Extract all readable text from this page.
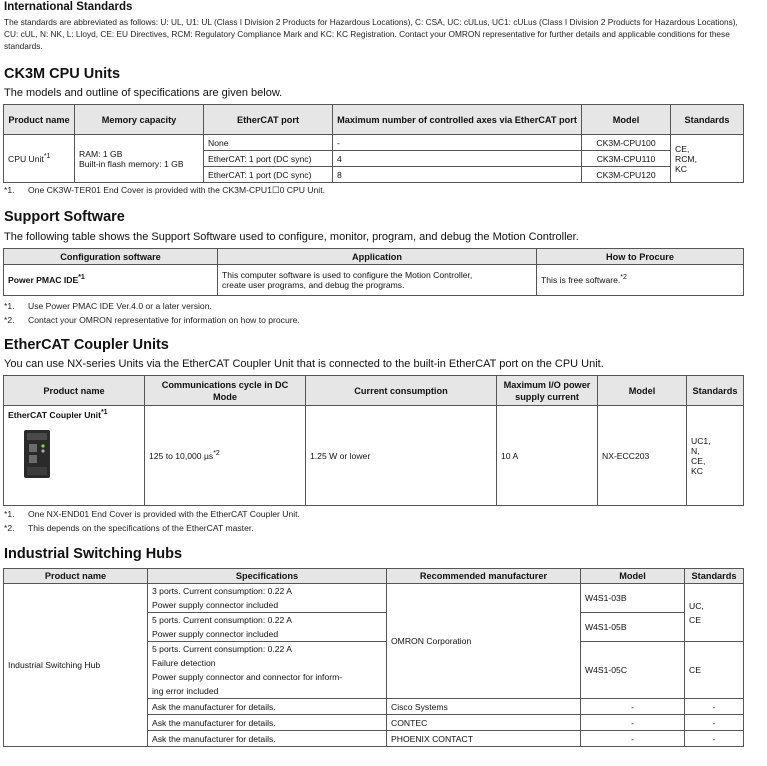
International Standards
The standards are abbreviated as follows: U: UL, U1: UL (Class I Division 2 Products for Hazardous Locations), C: CSA, UC: cULus, UC1: cULus (Class I Division 2 Products for Hazardous Locations), CU: cUL, N: NK, L: Lloyd, CE: EU Directives, RCM: Regulatory Compliance Mark and KC: KC Registration. Contact your OMRON representative for further details and applicable conditions for these standards.
CK3M CPU Units
The models and outline of specifications are given below.
Product name	Memory capacity	EtherCAT port	Maximum number of controlled axes via EtherCAT port	Model	Standards
CPU Unit$^{*1}$	RAM: 1 GB
Built-in flash memory: 1 GB	None	-	CK3M-CPU100	CE,
RCM,
KC

		EtherCAT: 1 port (DC sync)	4	CK3M-CPU110	
		EtherCAT: 1 port (DC sync)	8	CK3M-CPU120	
*1. One CK3W-TER01 End Cover is provided with the CK3M-CPU1☐0 CPU Unit.
Support Software
The following table shows the Support Software used to configure, monitor, program, and debug the Motion Controller.
Configuration software	Application	How to Procure
Power PMAC IDE$^{*1}$	This computer software is used to configure the Motion Controller,
create user programs, and debug the programs.	This is free software.$^{*2}$
*1. Use Power PMAC IDE Ver.4.0 or a later version.
*2. Contact your OMRON representative for information on how to procure.
EtherCAT Coupler Units
You can use NX-series Units via the EtherCAT Coupler Unit that is connected to the built-in EtherCAT port on the CPU Unit.
Product name	Communications cycle in DC Mode	Current consumption	Maximum I/O power supply current	Model	Standards
EtherCAT Coupler Unit$^{*1}$	125 to 10,000 µs$^{*2}$	1.25 W or lower	10 A	NX-ECC203	UC1,
N,
CE,
KC
*1. One NX-END01 End Cover is provided with the EtherCAT Coupler Unit.
*2. This depends on the specifications of the EtherCAT master.
Industrial Switching Hubs
Product name	Specifications	Recommended manufacturer	Model	Standards
Industrial Switching Hub	3 ports. Current consumption: 0.22 A
Power supply connector included	OMRON Corporation	W4S1-03B	UC,
CE

	5 ports. Current consumption: 0.22 A
Power supply connector included		W4S1-05B	

	5 ports. Current consumption: 0.22 A
Failure detection
Power supply connector and connector for inform-
ing error included		W4S1-05C	CE
	Ask the manufacturer for details.	Cisco Systems	-	-
	Ask the manufacturer for details.	CONTEC	-	-
	Ask the manufacturer for details.	PHOENIX CONTACT	-	-
